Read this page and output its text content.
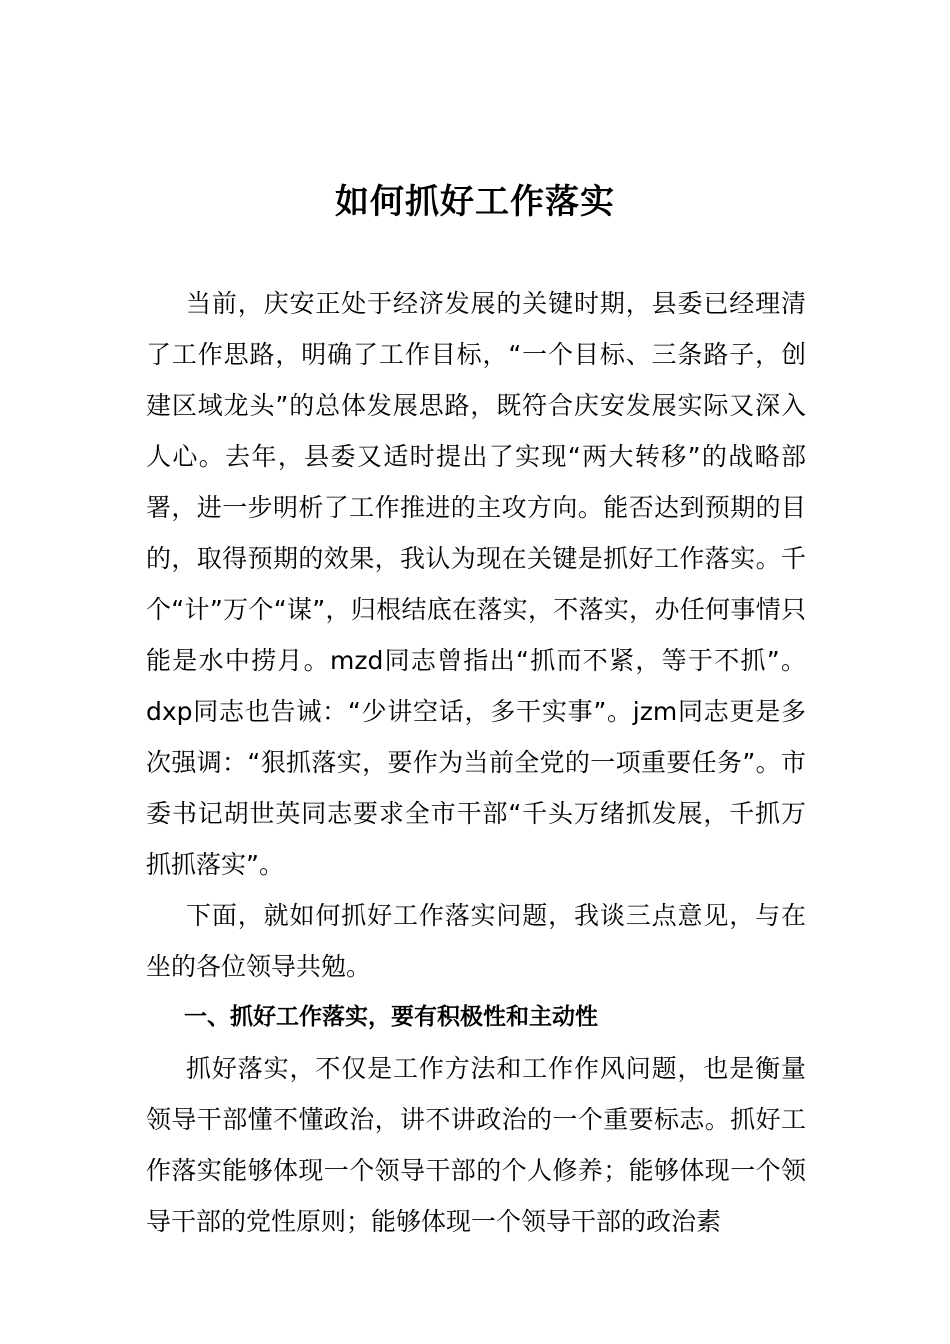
如何抓好工作落实

当前，庆安正处于经济发展的关键时期，县委已经理清了工作思路，明确了工作目标，“一个目标、三条路子，创建区域龙头”的总体发展思路，既符合庆安发展实际又深入人心。去年，县委又适时提出了实现“两大转移”的战略部署，进一步明析了工作推进的主攻方向。能否达到预期的目的，取得预期的效果，我认为现在关键是抓好工作落实。千个“计”万个“谋”，归根结底在落实，不落实，办任何事情只能是水中捞月。mzd同志曾指出“抓而不紧，等于不抓”。dxp同志也告诫：“少讲空话，多干实事”。jzm同志更是多次强调：“狠抓落实，要作为当前全党的一项重要任务”。市委书记胡世英同志要求全市干部“千头万绪抓发展，千抓万抓抓落实”。

下面，就如何抓好工作落实问题，我谈三点意见，与在坐的各位领导共勉。

一、抓好工作落实，要有积极性和主动性

抓好落实，不仅是工作方法和工作作风问题，也是衡量领导干部懂不懂政治，讲不讲政治的一个重要标志。抓好工作落实能够体现一个领导干部的个人修养；能够体现一个领导干部的党性原则；能够体现一个领导干部的政治素
